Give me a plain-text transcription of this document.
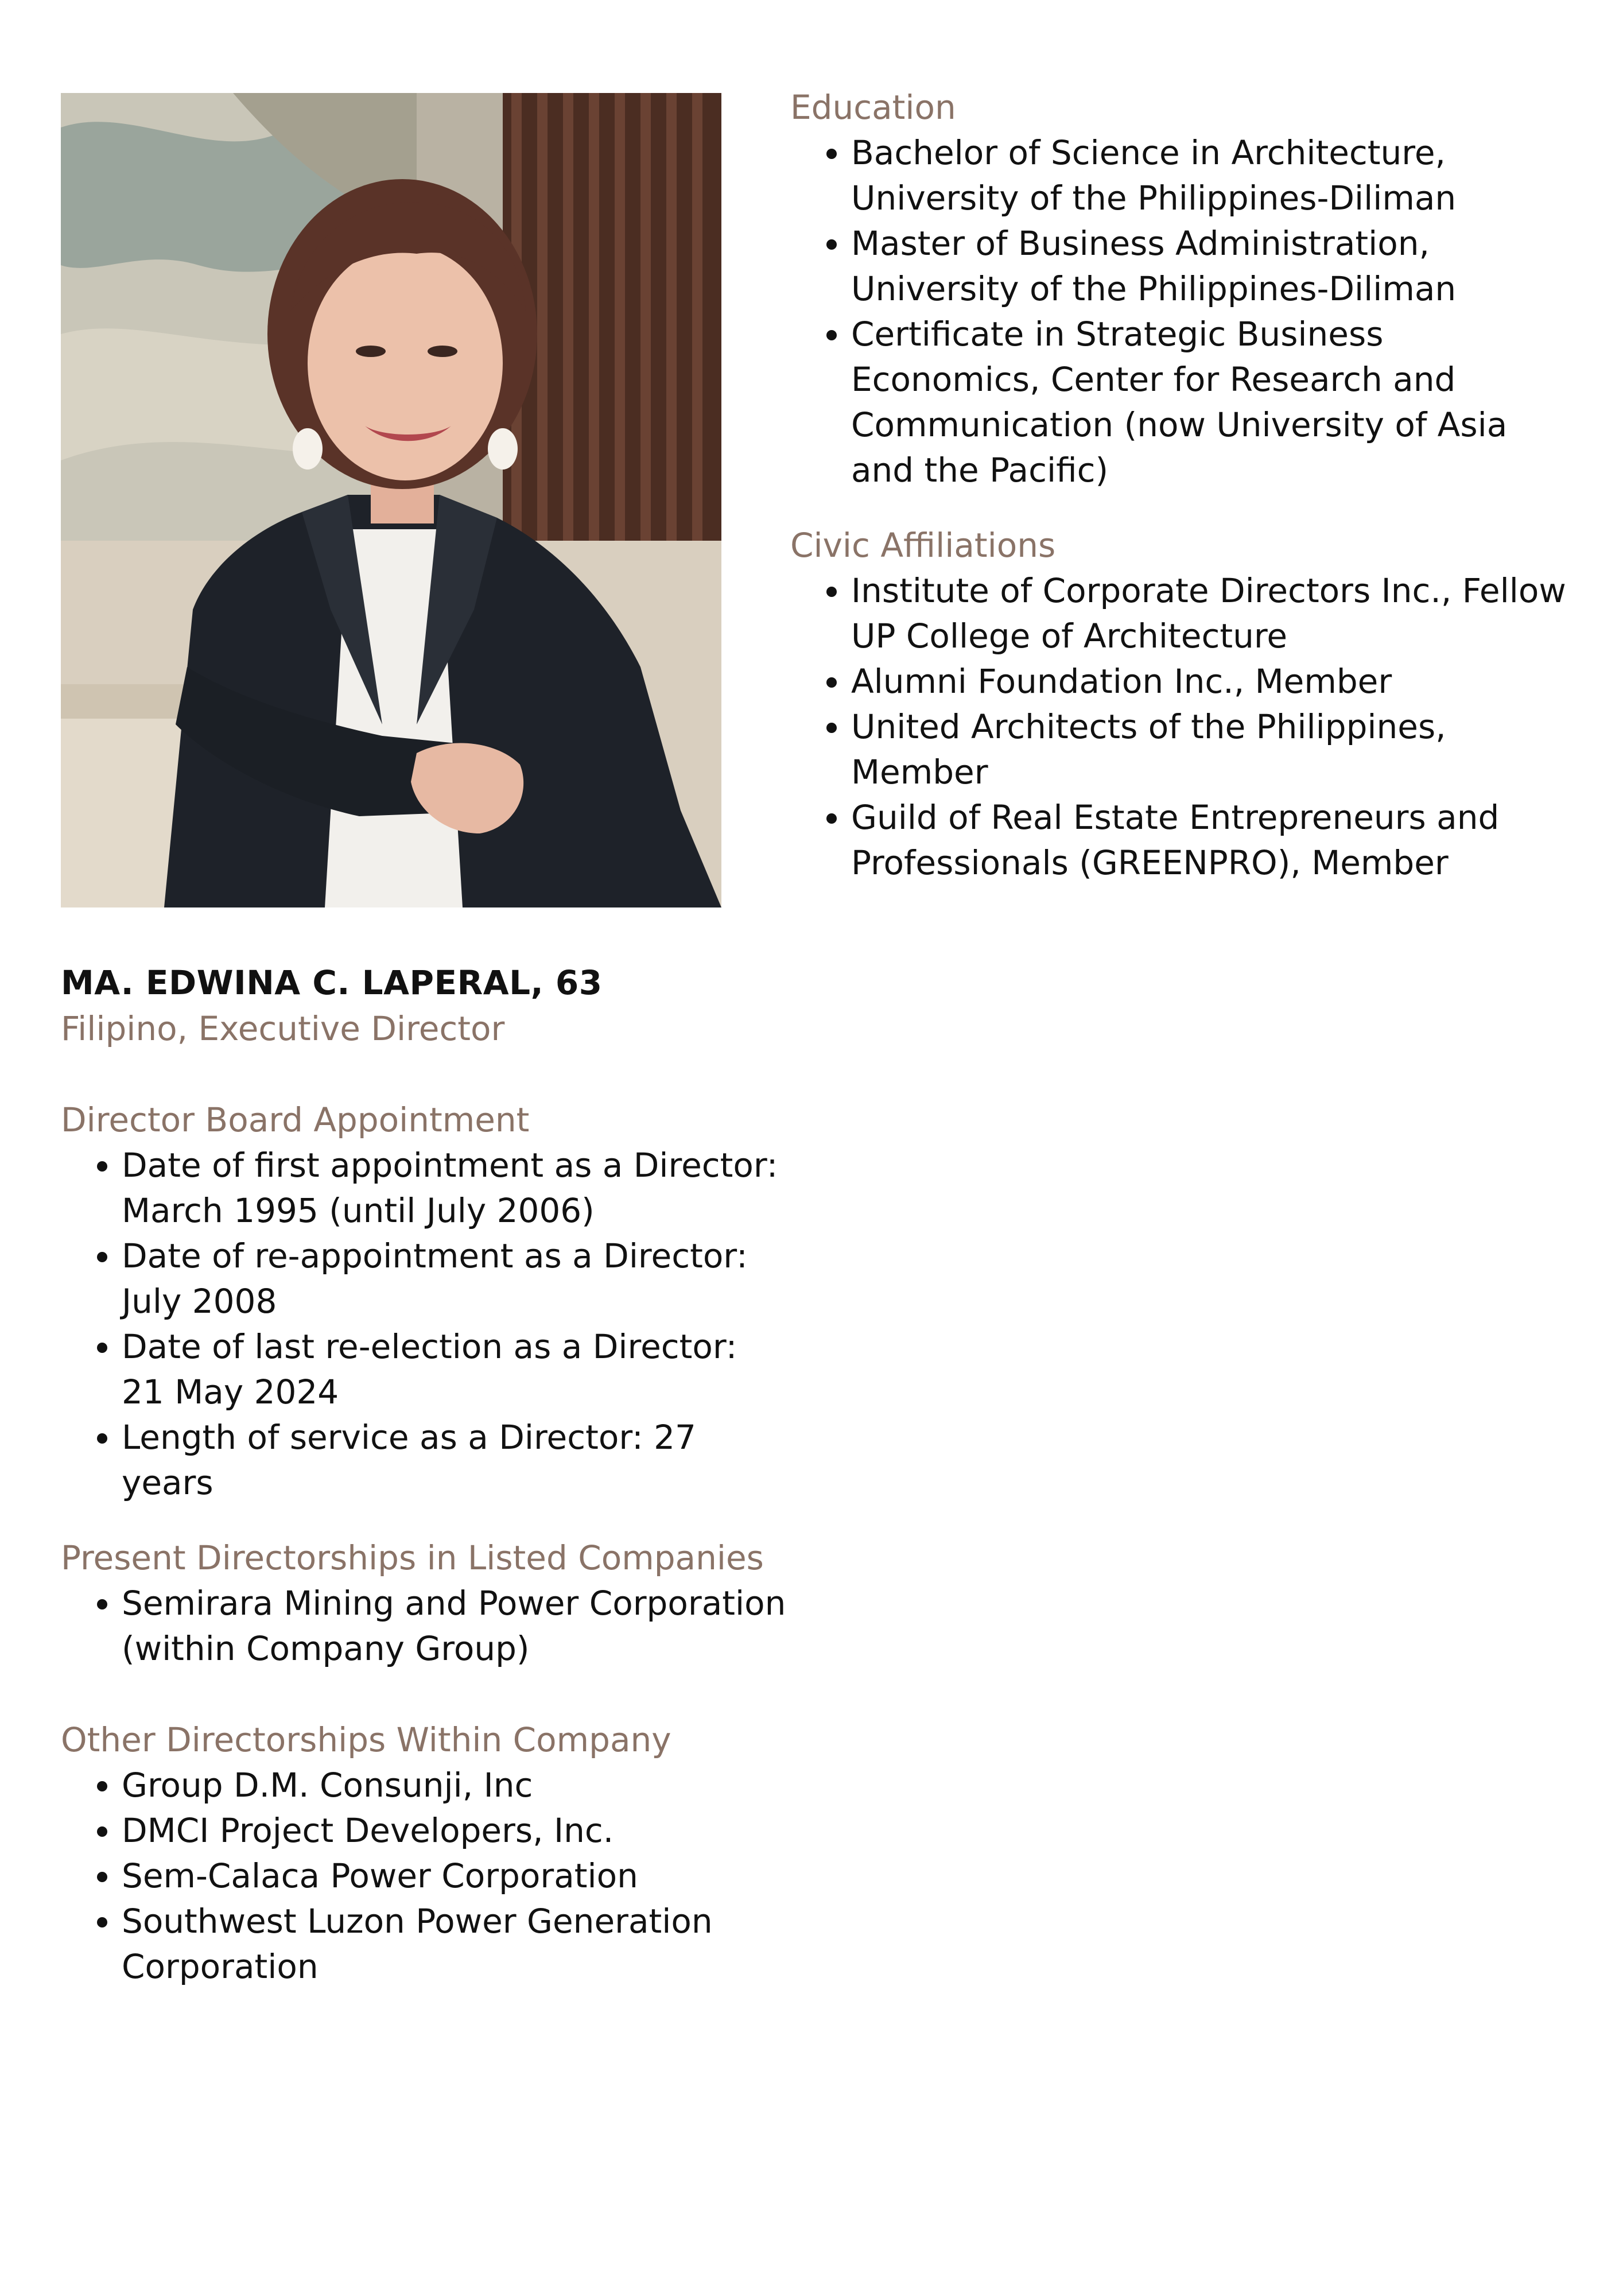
MA. EDWINA C. LAPERAL, 63
Filipino, Executive Director
Director Board Appointment
• Date of first appointment as a Director: March 1995 (until July 2006)
• Date of re-appointment as a Director: July 2008
• Date of last re-election as a Director: 21 May 2024
• Length of service as a Director: 27 years
Present Directorships in Listed Companies
• Semirara Mining and Power Corporation (within Company Group)
Other Directorships Within Company
• Group D.M. Consunji, Inc
• DMCI Project Developers, Inc.
• Sem-Calaca Power Corporation
• Southwest Luzon Power Generation Corporation
Education
• Bachelor of Science in Architecture, University of the Philippines-Diliman
• Master of Business Administration, University of the Philippines-Diliman
• Certificate in Strategic Business Economics, Center for Research and Communication (now University of Asia and the Pacific)
Civic Affiliations
• Institute of Corporate Directors Inc., Fellow UP College of Architecture
• Alumni Foundation Inc., Member
• United Architects of the Philippines, Member
• Guild of Real Estate Entrepreneurs and Professionals (GREENPRO), Member
